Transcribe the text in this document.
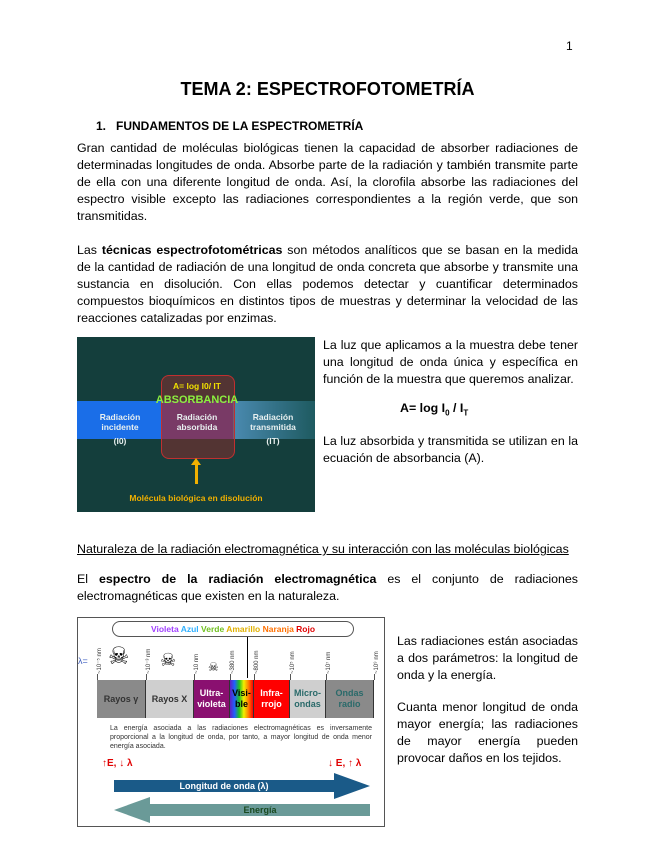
1
TEMA 2: ESPECTROFOTOMETRÍA
1.   FUNDAMENTOS DE LA ESPECTROMETRÍA
Gran cantidad de moléculas biológicas tienen la capacidad de absorber radiaciones de determinadas longitudes de onda. Absorbe parte de la radiación y también transmite parte de ella con una diferente longitud de onda. Así, la clorofila absorbe las radiaciones del espectro visible excepto las radiaciones correspondientes a la región verde, que son transmitidas.
Las técnicas espectrofotométricas son métodos analíticos que se basan en la medida de la cantidad de radiación de una longitud de onda concreta que absorbe y transmite una sustancia en disolución. Con ellas podemos detectar y cuantificar determinados compuestos bioquímicos en distintos tipos de muestras y determinar la velocidad de las reacciones catalizadas por enzimas.
A= log I0/ IT
ABSORBANCIA
Radiación incidente
(I0)
Radiación absorbida
Radiación transmitida
(IT)
Molécula biológica en disolución
La luz que aplicamos a la muestra debe tener una longitud de onda única y específica en función de la muestra que queremos analizar.
$A= \log I_0 / I_T$
La luz absorbida y transmitida se utilizan en la ecuación de absorbancia (A).
Naturaleza de la radiación electromagnética y su interacción con las moléculas biológicas
El espectro de la radiación electromagnética es el conjunto de radiaciones electromagnéticas que existen en la naturaleza.
Violeta Azul Verde Amarillo Naranja Rojo
λ= ~10⁻⁵ nm	~10⁻³ nm	~10 nm	~380 nm	~800 nm	~10⁵ nm	~10⁷ nm	~10⁹ nm
☠ ☠	☠
Rayos γ	Rayos X
Ultra-violeta
Visi-ble
Infra-rrojo
Micro-ondas
Ondas radio
La energía asociada a las radiaciones electromagnéticas es inversamente proporcional a la longitud de onda, por tanto, a mayor longitud de onda menor energía asociada.
↑E, ↓ λ	↓ E, ↑ λ
Longitud de onda (λ)
Energía
Las radiaciones están asociadas a dos parámetros: la longitud de onda y la energía.
Cuanta menor longitud de onda mayor energía; las radiaciones de mayor energía pueden provocar daños en los tejidos.
